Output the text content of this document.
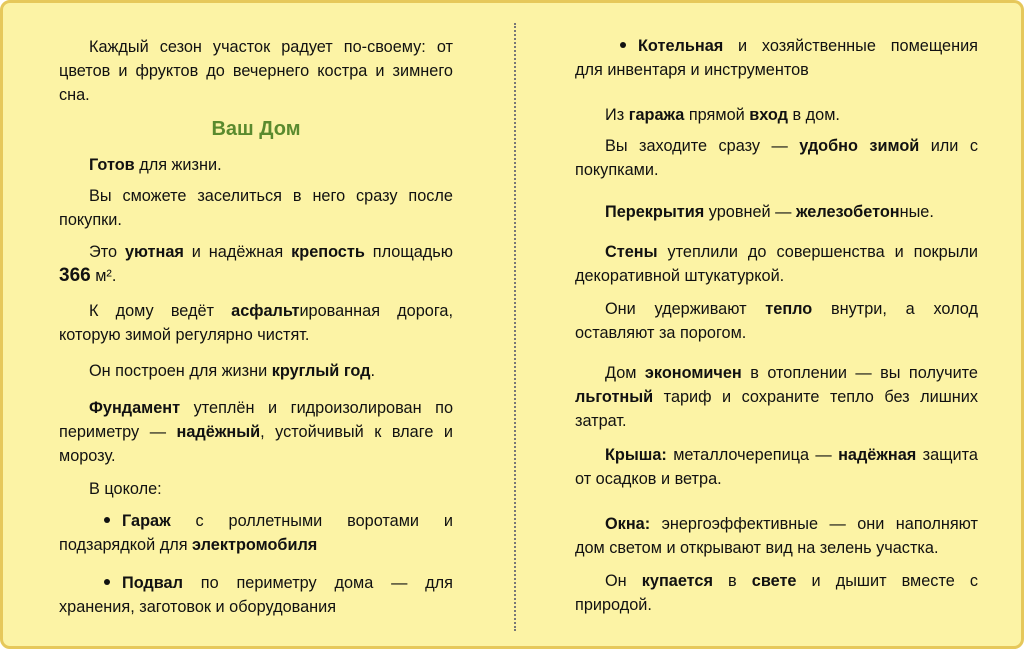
Каждый сезон участок радует по-своему: от цветов и фруктов до вечернего костра и зимнего сна.

Ваш Дом

Готов для жизни.

Вы сможете заселиться в него сразу после покупки.

Это уютная и надёжная крепость площадью 366 м².

К дому ведёт асфальтированная дорога, которую зимой регулярно чистят.

Он построен для жизни круглый год.

Фундамент утеплён и гидроизолирован по периметру — надёжный, устойчивый к влаге и морозу.

В цоколе:

Гараж с роллетными воротами и подзарядкой для электромобиля

Подвал по периметру дома — для хранения, заготовок и оборудования

Котельная и хозяйственные помещения для инвентаря и инструментов

Из гаража прямой вход в дом.

Вы заходите сразу — удобно зимой или с покупками.

Перекрытия уровней — железобетонные.

Стены утеплили до совершенства и покрыли декоративной штукатуркой.

Они удерживают тепло внутри, а холод оставляют за порогом.

Дом экономичен в отоплении — вы получите льготный тариф и сохраните тепло без лишних затрат.

Крыша: металлочерепица — надёжная защита от осадков и ветра.

Окна: энергоэффективные — они наполняют дом светом и открывают вид на зелень участка.

Он купается в свете и дышит вместе с природой.
